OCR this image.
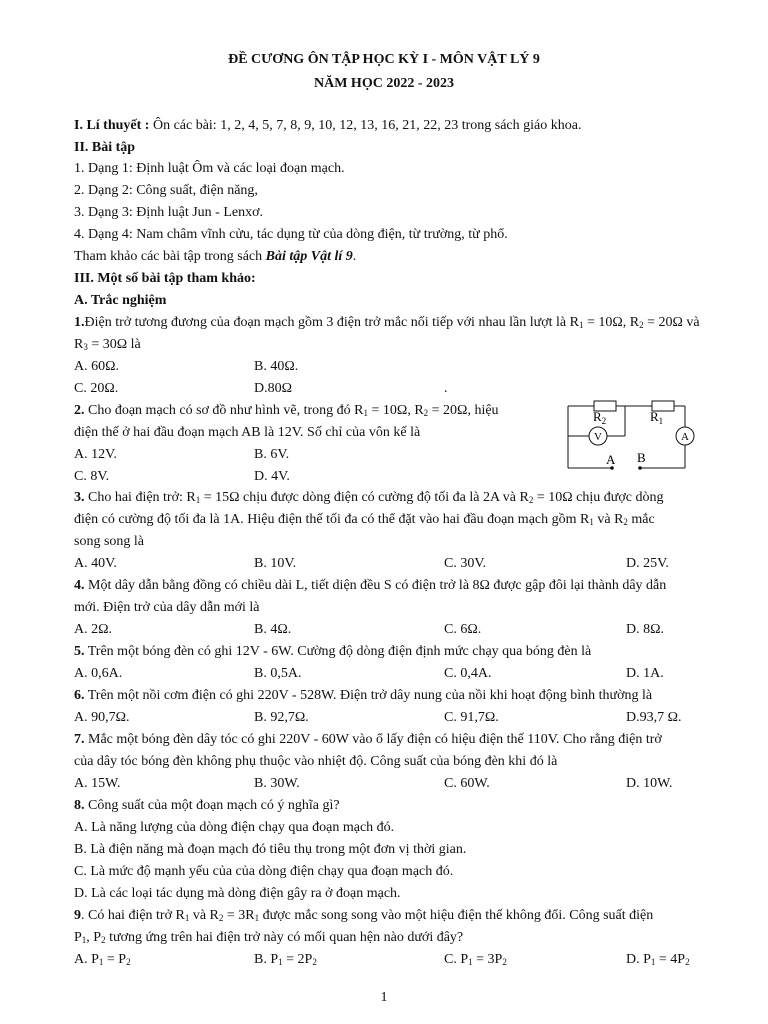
ĐỀ CƯƠNG ÔN TẬP HỌC KỲ I - MÔN VẬT LÝ 9
NĂM HỌC 2022 - 2023
I. Lí thuyết : Ôn các bài: 1, 2, 4, 5, 7, 8, 9, 10, 12, 13, 16, 21, 22, 23 trong sách giáo khoa.
II. Bài tập
1. Dạng 1: Định luật Ôm và các loại đoạn mạch.
2. Dạng 2: Công suất, điện năng,
3. Dạng 3: Định luật Jun - Lenxơ.
4. Dạng 4: Nam châm vĩnh cửu, tác dụng từ của dòng điện, từ trường, từ phổ.
Tham khảo các bài tập trong sách Bài tập Vật lí 9.
III. Một số bài tập tham khảo:
A. Trắc nghiệm
1.Điện trở tương đương của đoạn mạch gồm 3 điện trở mắc nối tiếp với nhau lần lượt là $R_1 = 10\Omega$, $R_2 = 20\Omega$ và
$R_3 = 30\Omega$ là
A. 60Ω.	B. 40Ω.
C. 20Ω.	D.80Ω	.
2. Cho đoạn mạch có sơ đồ như hình vẽ, trong đó $R_1 = 10\Omega$, $R_2 = 20\Omega$, hiệu
điện thế ở hai đầu đoạn mạch AB là 12V. Số chỉ của vôn kế là
A. 12V.	B. 6V.
C. 8V.	D. 4V.
$R_2$	$R_1$
V	A
A B
3. Cho hai điện trở: $R_1 = 15\Omega$ chịu được dòng điện có cường độ tối đa là 2A và $R_2 = 10\Omega$ chịu được dòng
điện có cường độ tối đa là 1A. Hiệu điện thế tối đa có thể đặt vào hai đầu đoạn mạch gồm $R_1$ và $R_2$ mắc
song song là
A. 40V.	B. 10V.	C. 30V.	D. 25V.
4. Một dây dẫn bằng đồng có chiều dài L, tiết diện đều S có điện trở là 8Ω được gập đôi lại thành dây dẫn
mới. Điện trở của dây dẫn mới là
A. 2Ω.	B. 4Ω.	C. 6Ω.	D. 8Ω.
5. Trên một bóng đèn có ghi 12V - 6W. Cường độ dòng điện định mức chạy qua bóng đèn là
A. 0,6A.	B. 0,5A.	C. 0,4A.	D. 1A.
6. Trên một nồi cơm điện có ghi 220V - 528W. Điện trở dây nung của nồi khi hoạt động bình thường là
A. 90,7Ω.	B. 92,7Ω.	C. 91,7Ω.	D.93,7 Ω.
7. Mắc một bóng đèn dây tóc có ghi 220V - 60W vào ổ lấy điện có hiệu điện thế 110V. Cho rằng điện trở
của dây tóc bóng đèn không phụ thuộc vào nhiệt độ. Công suất của bóng đèn khi đó là
A. 15W.	B. 30W.	C. 60W.	D. 10W.
8. Công suất của một đoạn mạch có ý nghĩa gì?
A. Là năng lượng của dòng điện chạy qua đoạn mạch đó.
B. Là điện năng mà đoạn mạch đó tiêu thụ trong một đơn vị thời gian.
C. Là mức độ mạnh yếu của của dòng điện chạy qua đoạn mạch đó.
D. Là các loại tác dụng mà dòng điện gây ra ở đoạn mạch.
9. Có hai điện trở $R_1$ và $R_2 = 3R_1$ được mắc song song vào một hiệu điện thế không đổi. Công suất điện
$P_1$, $P_2$ tương ứng trên hai điện trở này có mối quan hện nào dưới đây?
A. $P_1 = P_2$	B. $P_1 = 2P_2$	C. $P_1 = 3P_2$	D. $P_1 = 4P_2$
1
